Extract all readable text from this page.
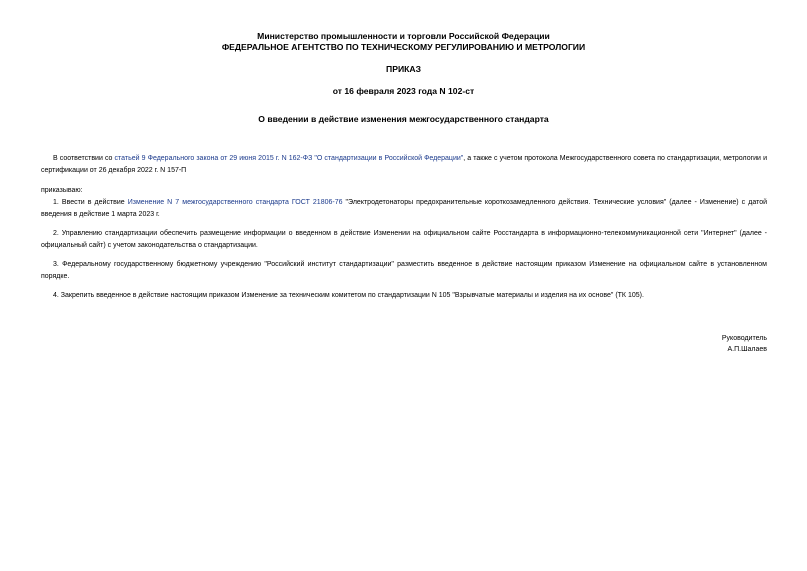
Министерство промышленности и торговли Российской Федерации
ФЕДЕРАЛЬНОЕ АГЕНТСТВО ПО ТЕХНИЧЕСКОМУ РЕГУЛИРОВАНИЮ И МЕТРОЛОГИИ
ПРИКАЗ
от 16 февраля 2023 года N 102-ст
О введении в действие изменения межгосударственного стандарта
В соответствии со статьей 9 Федерального закона от 29 июня 2015 г. N 162-ФЗ "О стандартизации в Российской Федерации", а также с учетом протокола Межгосударственного совета по стандартизации, метрологии и сертификации от 26 декабря 2022 г. N 157-П
приказываю:
1. Ввести в действие Изменение N 7 межгосударственного стандарта ГОСТ 21806-76 "Электродетонаторы предохранительные короткозамедленного действия. Технические условия" (далее - Изменение) с датой введения в действие 1 марта 2023 г.
2. Управлению стандартизации обеспечить размещение информации о введенном в действие Изменении на официальном сайте Росстандарта в информационно-телекоммуникационной сети "Интернет" (далее - официальный сайт) с учетом законодательства о стандартизации.
3. Федеральному государственному бюджетному учреждению "Российский институт стандартизации" разместить введенное в действие настоящим приказом Изменение на официальном сайте в установленном порядке.
4. Закрепить введенное в действие настоящим приказом Изменение за техническим комитетом по стандартизации N 105 "Взрывчатые материалы и изделия на их основе" (ТК 105).
Руководитель
А.П.Шалаев
